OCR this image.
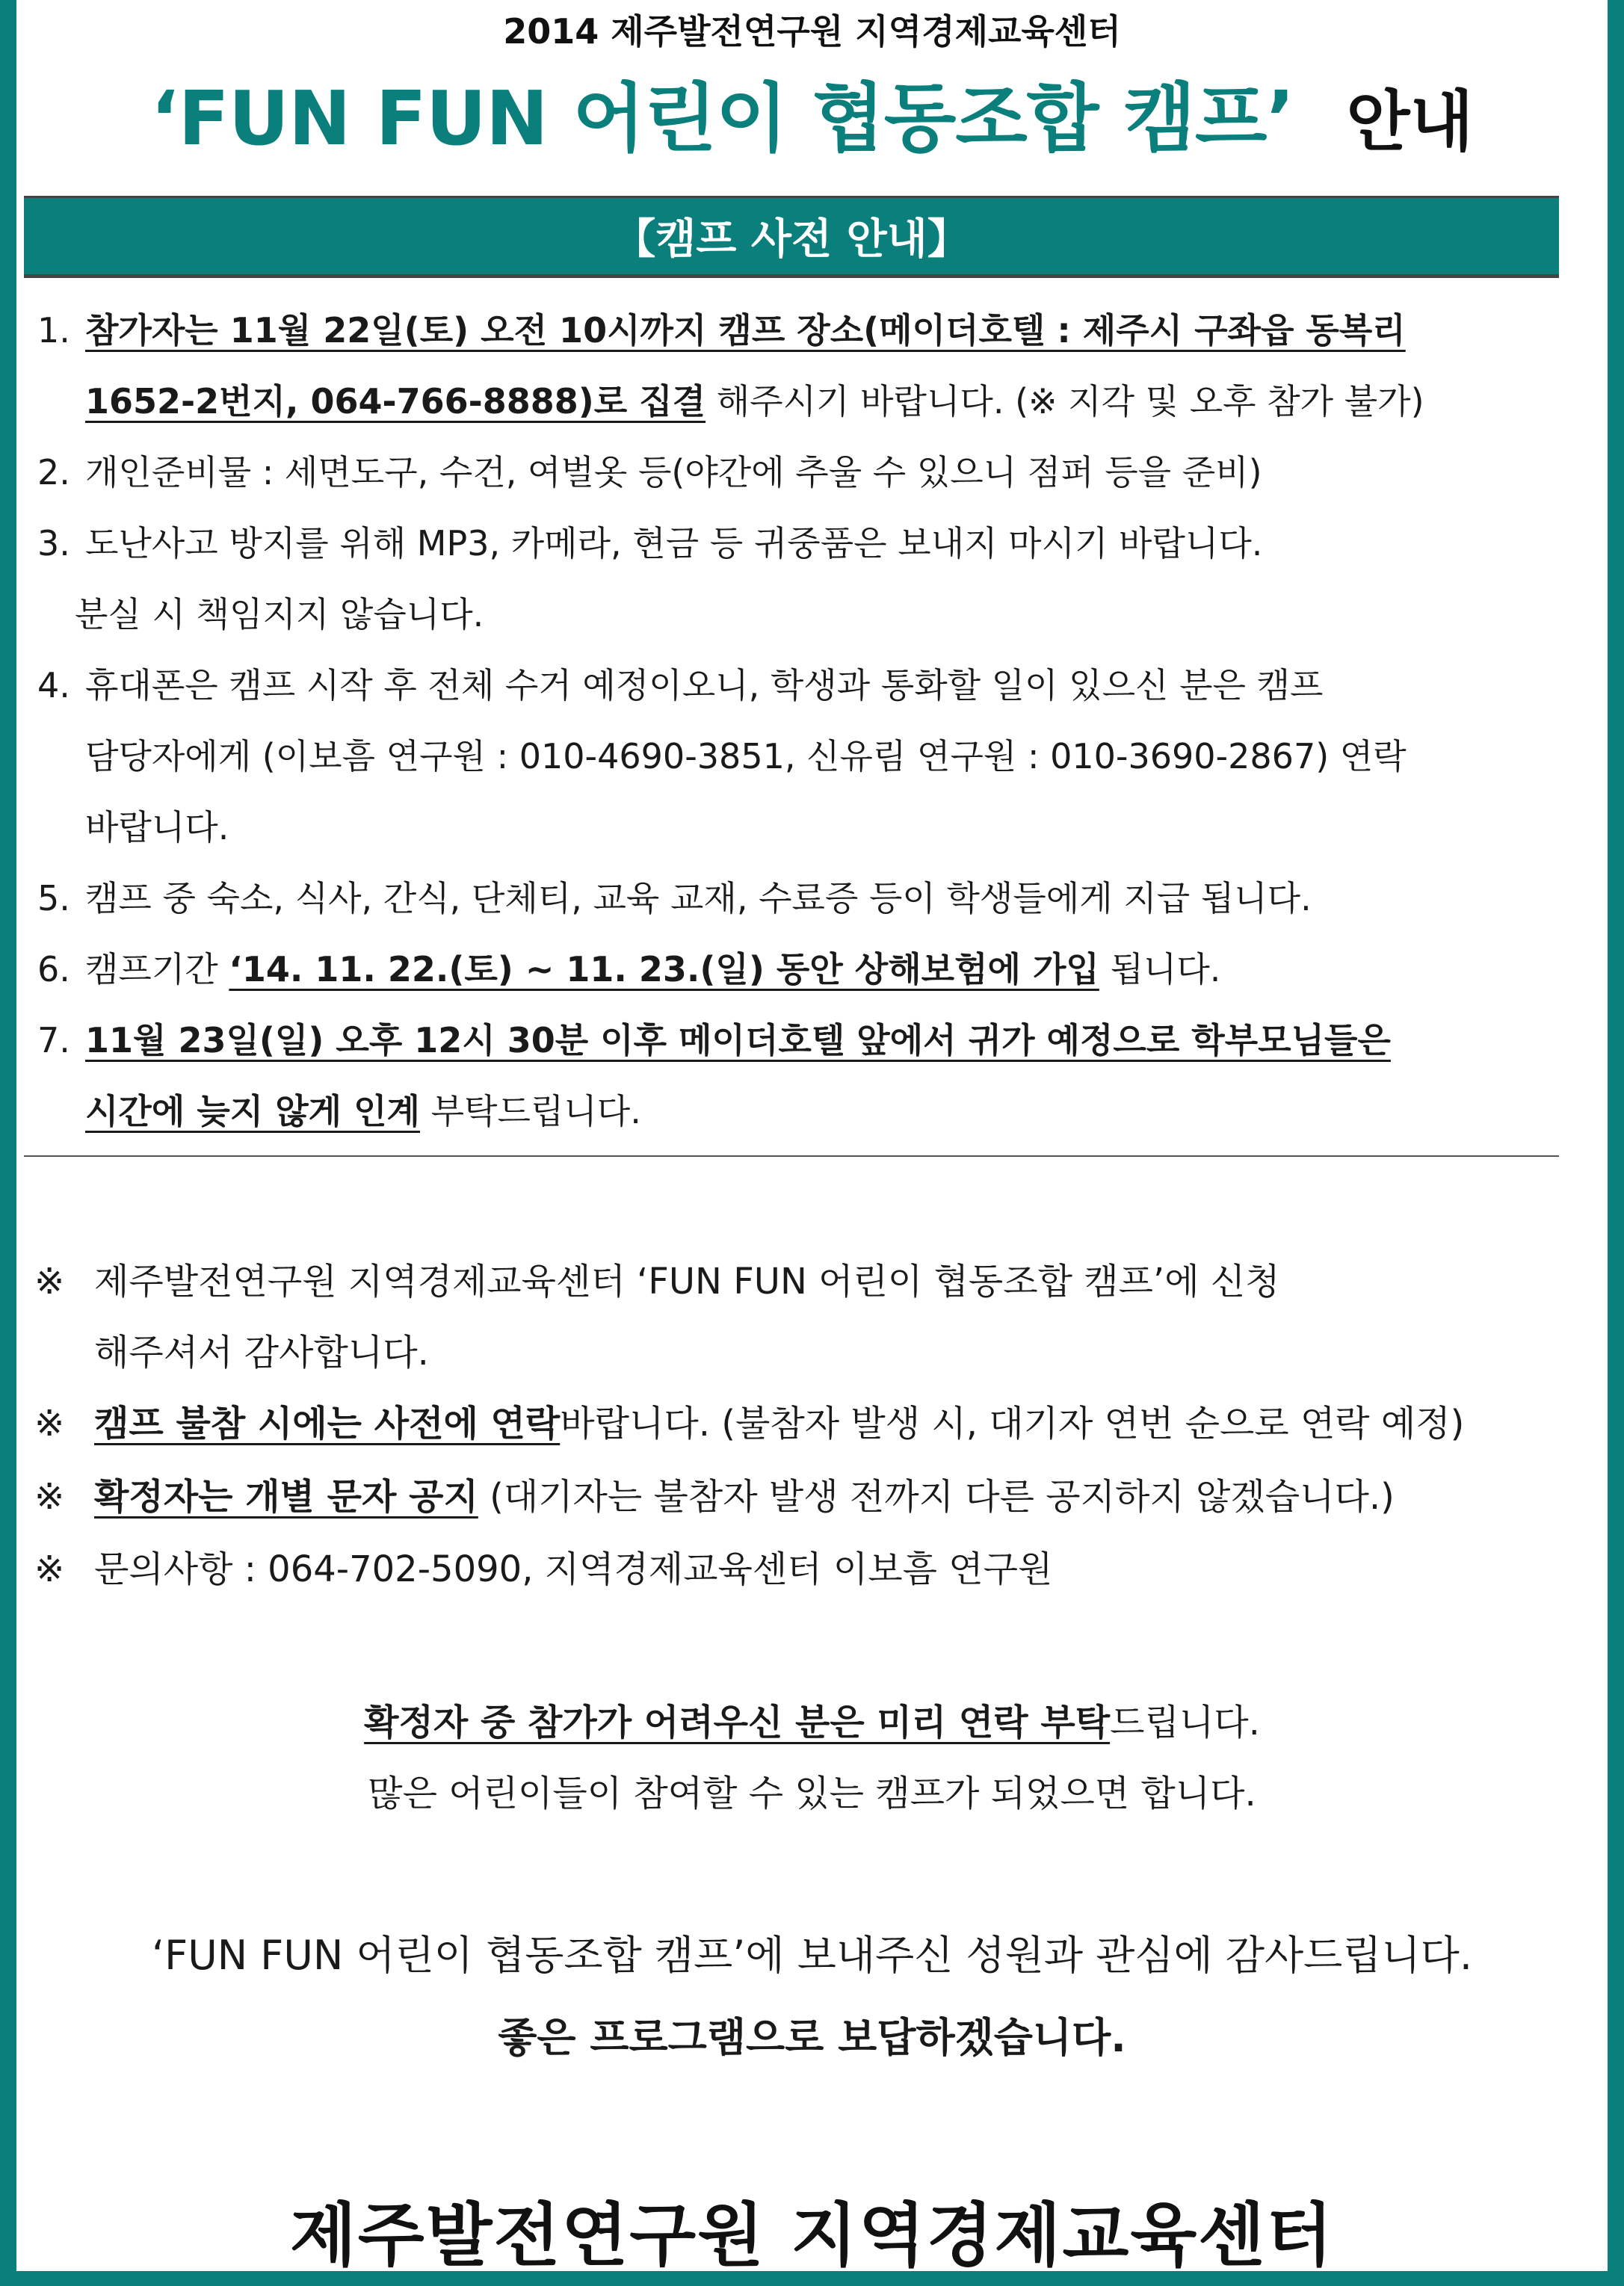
2014 제주발전연구원 지역경제교육센터
‘FUN FUN 어린이 협동조합 캠프’ 안내
【캠프 사전 안내】
1. 참가자는 11월 22일(토) 오전 10시까지 캠프 장소(메이더호텔 : 제주시 구좌읍 동복리
1652-2번지, 064-766-8888)로 집결 해주시기 바랍니다. (※ 지각 및 오후 참가 불가)
2. 개인준비물 : 세면도구, 수건, 여벌옷 등(야간에 추울 수 있으니 점퍼 등을 준비)
3. 도난사고 방지를 위해 MP3, 카메라, 현금 등 귀중품은 보내지 마시기 바랍니다.
분실 시 책임지지 않습니다.
4. 휴대폰은 캠프 시작 후 전체 수거 예정이오니, 학생과 통화할 일이 있으신 분은 캠프
담당자에게 (이보흠 연구원 : 010-4690-3851, 신유림 연구원 : 010-3690-2867) 연락
바랍니다.
5. 캠프 중 숙소, 식사, 간식, 단체티, 교육 교재, 수료증 등이 학생들에게 지급 됩니다.
6. 캠프기간 ‘14. 11. 22.(토) ~ 11. 23.(일) 동안 상해보험에 가입 됩니다.
7. 11월 23일(일) 오후 12시 30분 이후 메이더호텔 앞에서 귀가 예정으로 학부모님들은
시간에 늦지 않게 인계 부탁드립니다.
※ 제주발전연구원 지역경제교육센터 ‘FUN FUN 어린이 협동조합 캠프’에 신청
해주셔서 감사합니다.
※ 캠프 불참 시에는 사전에 연락바랍니다. (불참자 발생 시, 대기자 연번 순으로 연락 예정)
※ 확정자는 개별 문자 공지 (대기자는 불참자 발생 전까지 다른 공지하지 않겠습니다.)
※ 문의사항 : 064-702-5090, 지역경제교육센터 이보흠 연구원
확정자 중 참가가 어려우신 분은 미리 연락 부탁드립니다.
많은 어린이들이 참여할 수 있는 캠프가 되었으면 합니다.
‘FUN FUN 어린이 협동조합 캠프’에 보내주신 성원과 관심에 감사드립니다.
좋은 프로그램으로 보답하겠습니다.
제주발전연구원 지역경제교육센터
